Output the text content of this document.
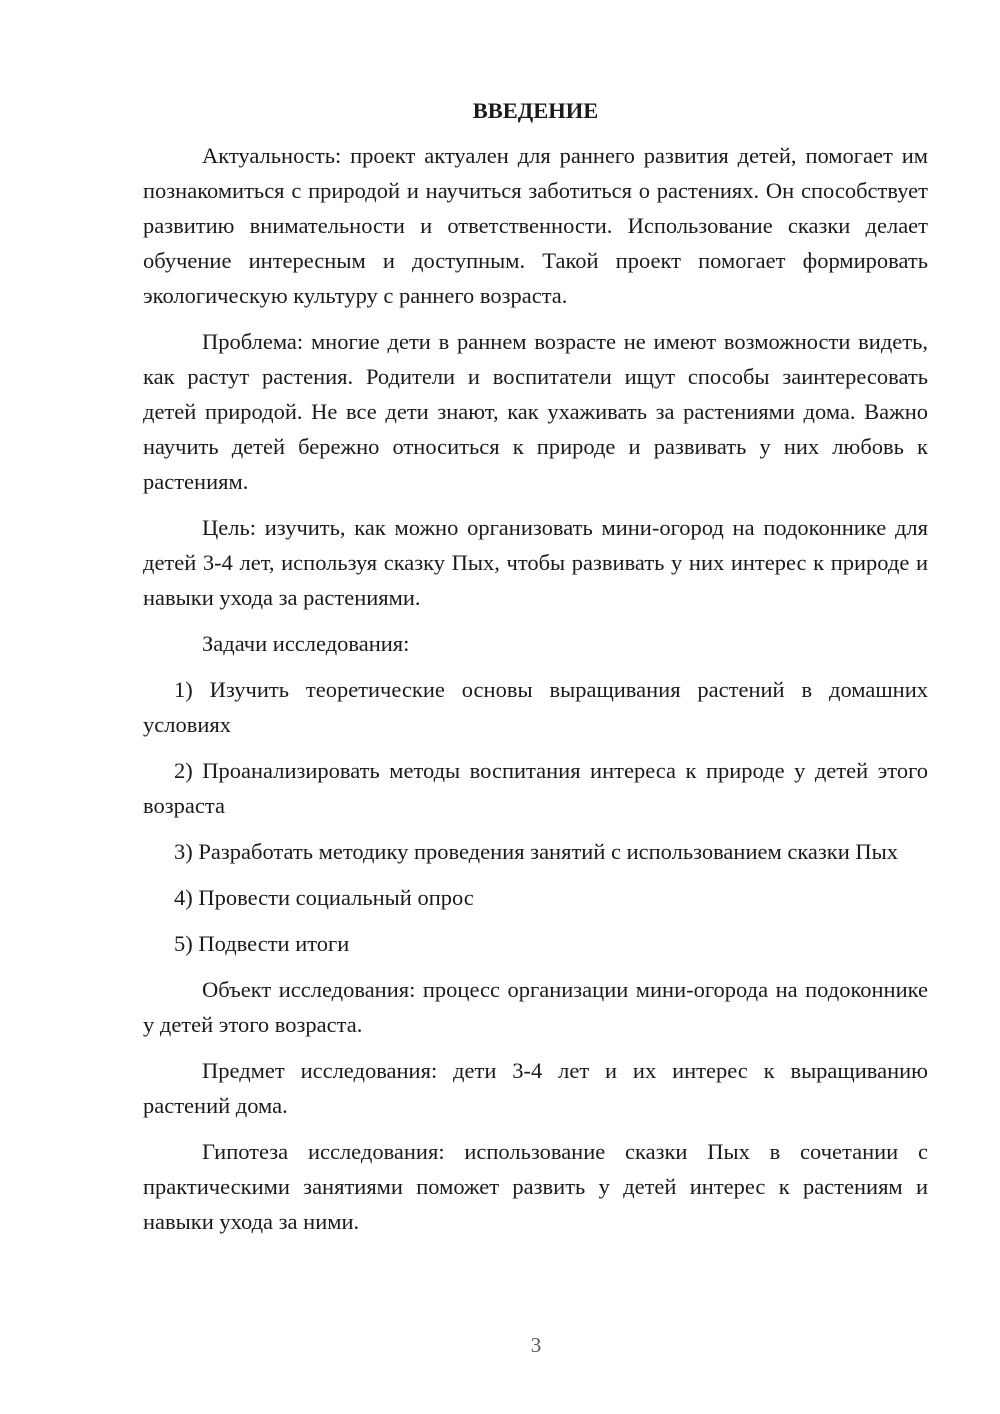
ВВЕДЕНИЕ

Актуальность: проект актуален для раннего развития детей, помогает им познакомиться с природой и научиться заботиться о растениях. Он способствует развитию внимательности и ответственности. Использование сказки делает обучение интересным и доступным. Такой проект помогает формировать экологическую культуру с раннего возраста.

Проблема: многие дети в раннем возрасте не имеют возможности видеть, как растут растения. Родители и воспитатели ищут способы заинтересовать детей природой. Не все дети знают, как ухаживать за растениями дома. Важно научить детей бережно относиться к природе и развивать у них любовь к растениям.

Цель: изучить, как можно организовать мини-огород на подоконнике для детей 3-4 лет, используя сказку Пых, чтобы развивать у них интерес к природе и навыки ухода за растениями.

Задачи исследования:

1) Изучить теоретические основы выращивания растений в домашних условиях

2) Проанализировать методы воспитания интереса к природе у детей этого возраста

3) Разработать методику проведения занятий с использованием сказки Пых

4) Провести социальный опрос

5) Подвести итоги

Объект исследования: процесс организации мини-огорода на подоконнике у детей этого возраста.

Предмет исследования: дети 3-4 лет и их интерес к выращиванию растений дома.

Гипотеза исследования: использование сказки Пых в сочетании с практическими занятиями поможет развить у детей интерес к растениям и навыки ухода за ними.

3
